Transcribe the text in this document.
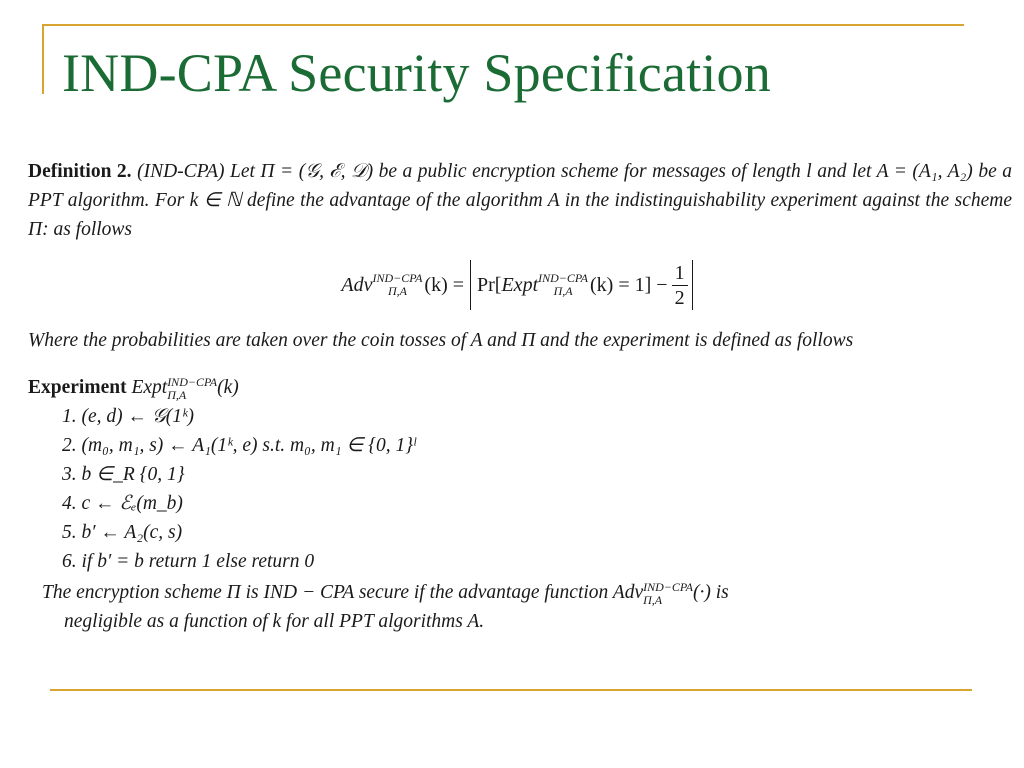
IND-CPA Security Specification
Definition 2. (IND-CPA) Let Π = (𝒢, ℰ, 𝒟) be a public encryption scheme for messages of length l and let A = (A₁, A₂) be a PPT algorithm. For k ∈ ℕ define the advantage of the algorithm A in the indistinguishability experiment against the scheme Π: as follows
Adv IND−CPA
Π,A (k) = Pr[ Expt IND−CPA
Π,A $(k) = 1] - \frac{1}{2}$
Where the probabilities are taken over the coin tosses of A and Π and the experiment is defined as follows
Experiment Expt IND−CPA
Π,A	(k)
1. (e, d) ← 𝒢(1ᵏ)
2. (m₀, m₁, s) ← A₁(1ᵏ, e) s.t. m₀, m₁ ∈ {0, 1}ˡ
3. b ∈_R {0, 1}
4. c ← ℰₑ(m_b)
5. b′ ← A₂(c, s)
6. if b′ = b return 1 else return 0
The encryption scheme Π is IND − CPA secure if the advantage function Adv IND−CPA
Π,A	(·) is
negligible as a function of k for all PPT algorithms A.
